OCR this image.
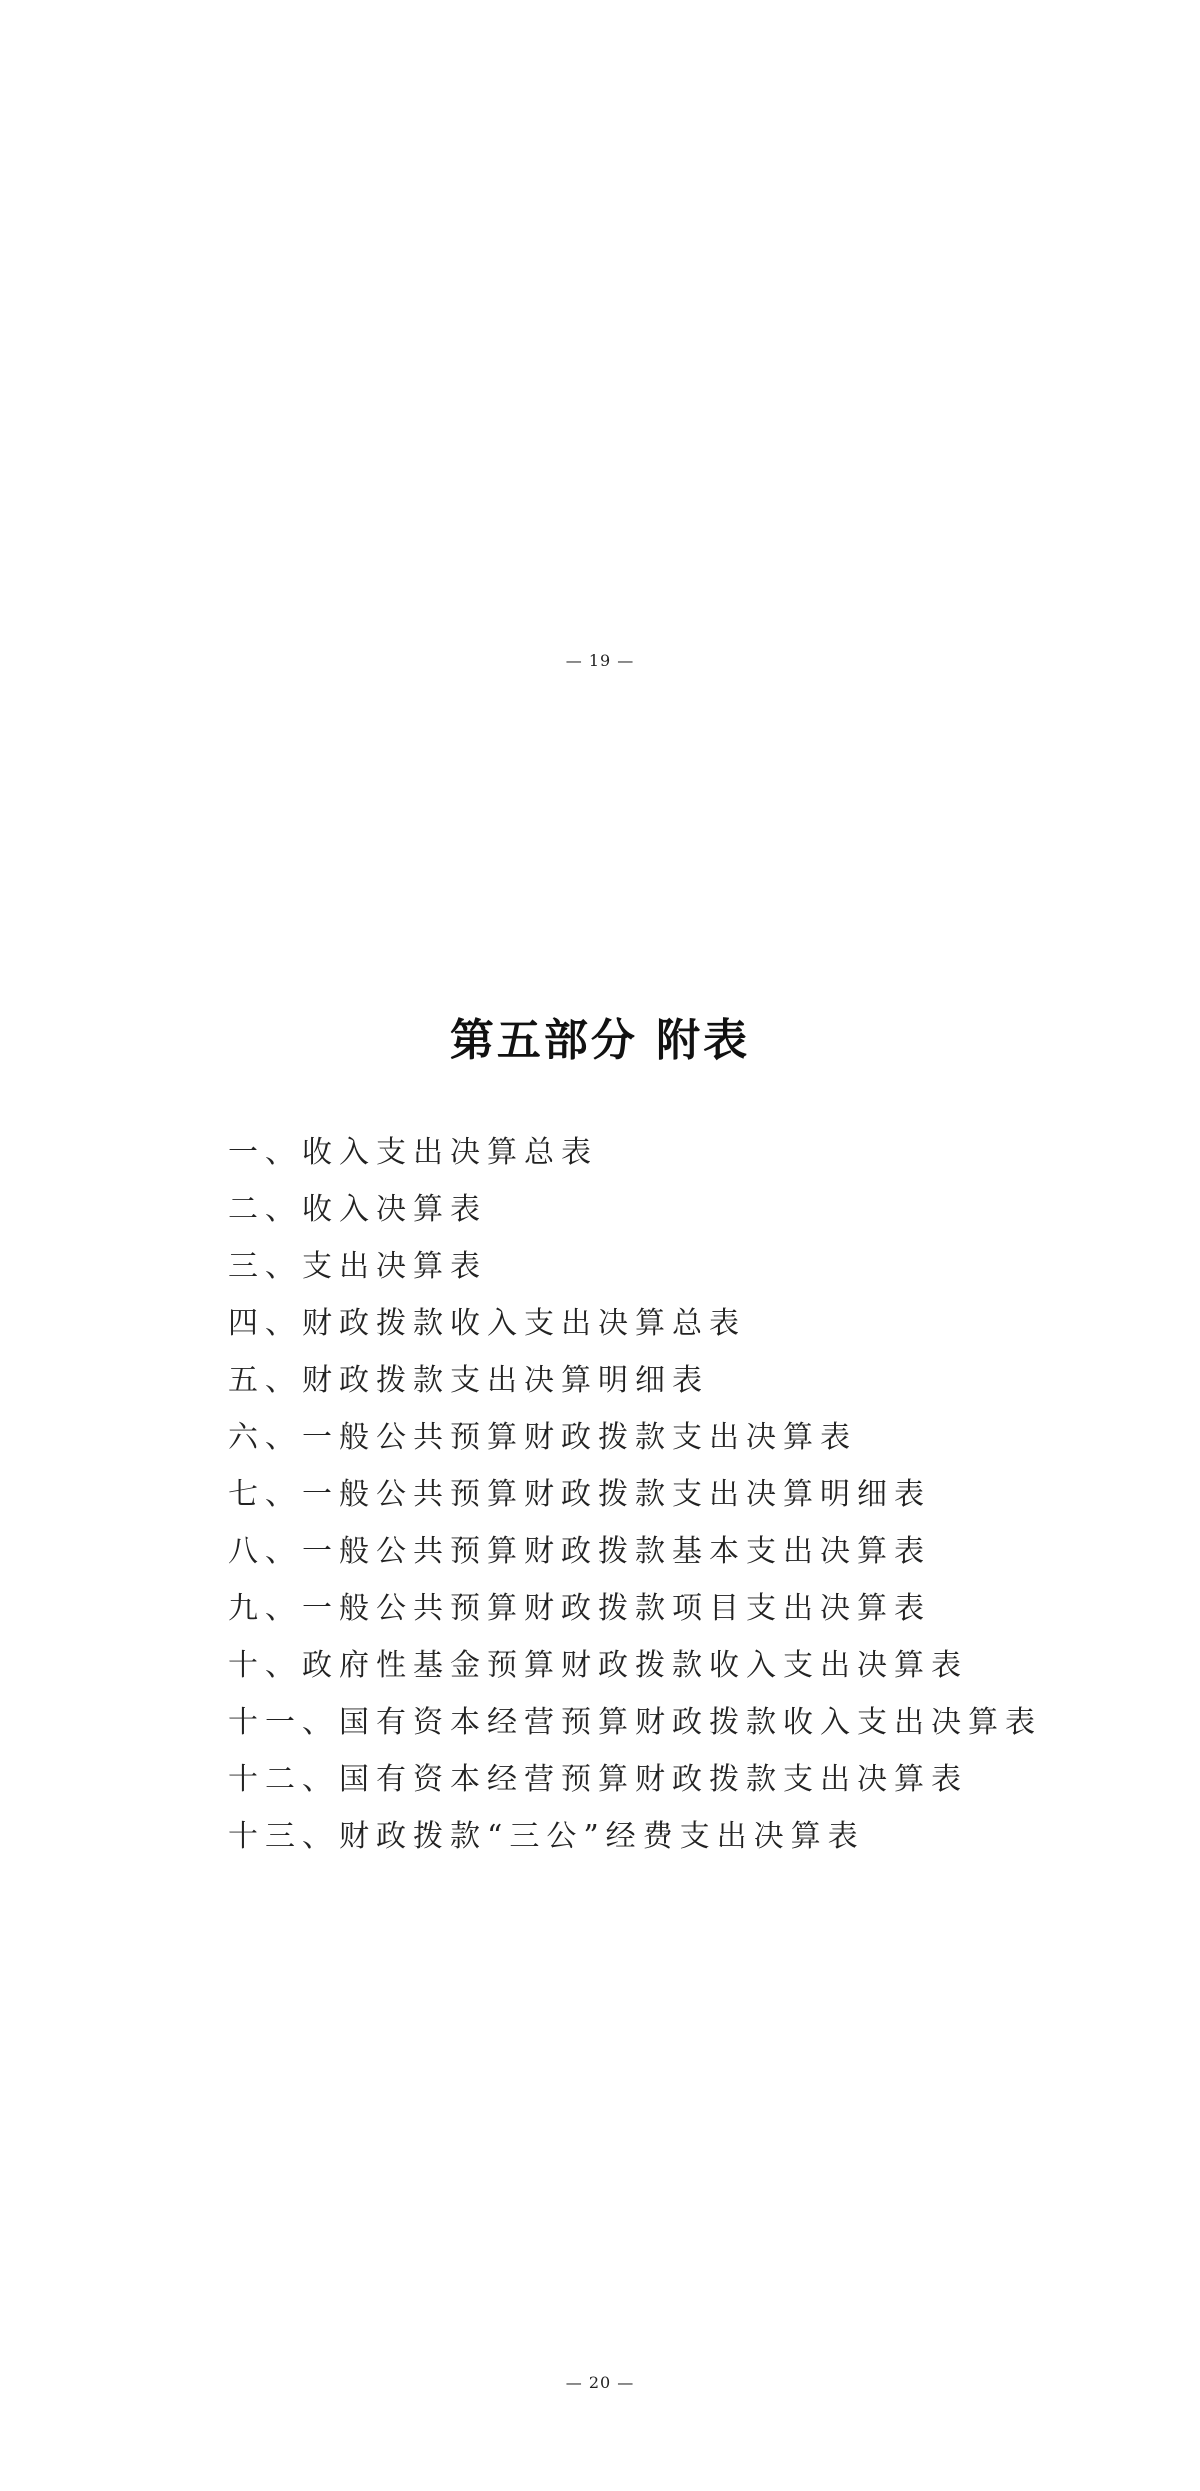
— 19 —
第五部分 附表
一、收入支出决算总表
二、收入决算表
三、支出决算表
四、财政拨款收入支出决算总表
五、财政拨款支出决算明细表
六、一般公共预算财政拨款支出决算表
七、一般公共预算财政拨款支出决算明细表
八、一般公共预算财政拨款基本支出决算表
九、一般公共预算财政拨款项目支出决算表
十、政府性基金预算财政拨款收入支出决算表
十一、国有资本经营预算财政拨款收入支出决算表
十二、国有资本经营预算财政拨款支出决算表
十三、财政拨款“三公”经费支出决算表
— 20 —
